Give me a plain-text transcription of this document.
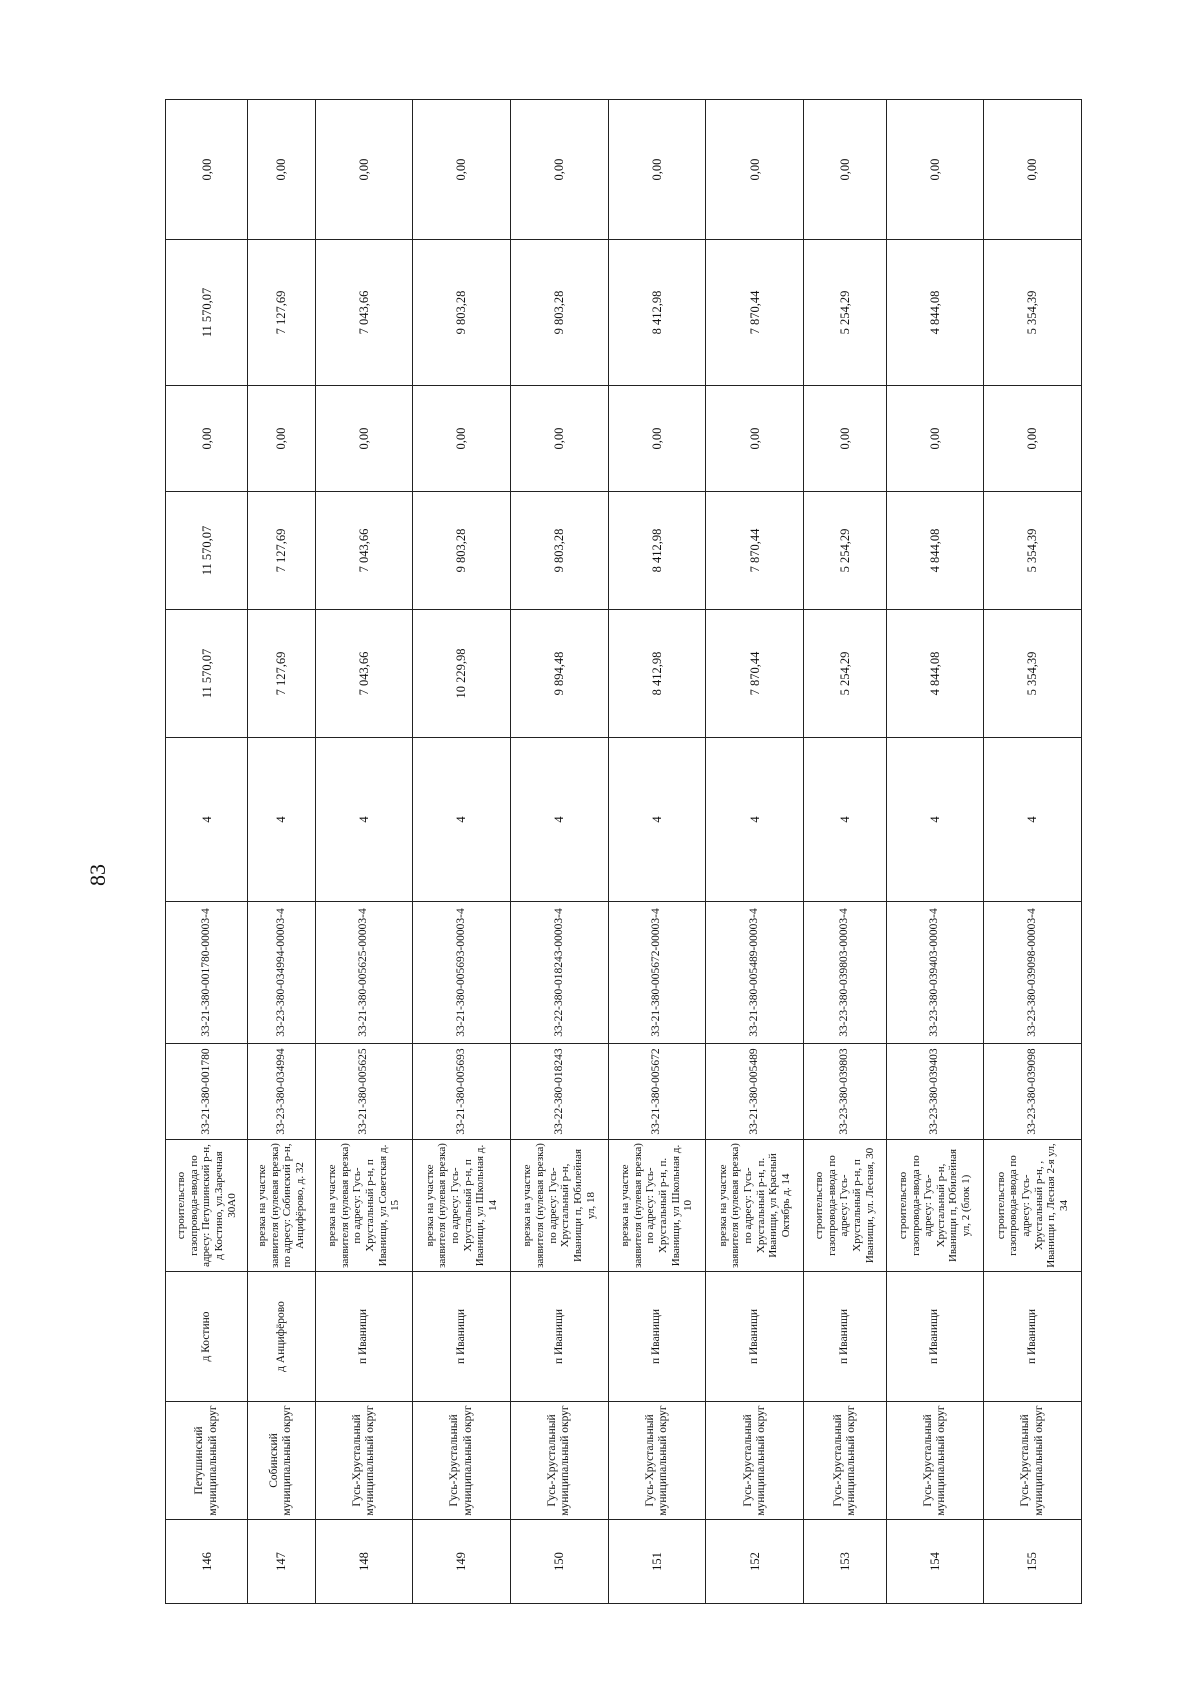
83
146	Петушинский муниципальный округ	д Костино	строительство газопровода-ввода по адресу: Петушинский р-н, д Костино, ул.Заречная 30А0	33-21-380-001780	33-21-380-001780-00003-4	4	11 570,07	11 570,07	0,00	11 570,07	0,00	
147	Собинский муниципальный округ	д Анцифёрово	врезка на участке заявителя (нулевая врезка) по адресу: Собинский р-н, Анцифёрово, д. 32	33-23-380-034994	33-23-380-034994-00003-4	4	7 127,69	7 127,69	0,00	7 127,69	0,00	
148	Гусь-Хрустальный муниципальный округ	п Иванищи	врезка на участке заявителя (нулевая врезка) по адресу: Гусь-Хрустальный р-н, п Иванищи, ул Советская д. 15	33-21-380-005625	33-21-380-005625-00003-4	4	7 043,66	7 043,66	0,00	7 043,66	0,00	
149	Гусь-Хрустальный муниципальный округ	п Иванищи	врезка на участке заявителя (нулевая врезка) по адресу: Гусь-Хрустальный р-н, п Иванищи, ул Школьная д. 14	33-21-380-005693	33-21-380-005693-00003-4	4	10 229,98	9 803,28	0,00	9 803,28	0,00	
150	Гусь-Хрустальный муниципальный округ	п Иванищи	врезка на участке заявителя (нулевая врезка) по адресу: Гусь-Хрустальный р-н, Иванищи п, Юбилейная ул, 18	33-22-380-018243	33-22-380-018243-00003-4	4	9 894,48	9 803,28	0,00	9 803,28	0,00	
151	Гусь-Хрустальный муниципальный округ	п Иванищи	врезка на участке заявителя (нулевая врезка) по адресу: Гусь-Хрустальный р-н, п. Иванищи, ул Школьная д. 10	33-21-380-005672	33-21-380-005672-00003-4	4	8 412,98	8 412,98	0,00	8 412,98	0,00	
152	Гусь-Хрустальный муниципальный округ	п Иванищи	врезка на участке заявителя (нулевая врезка) по адресу: Гусь-Хрустальный р-н, п. Иванищи, ул Красный Октябрь д. 14	33-21-380-005489	33-21-380-005489-00003-4	4	7 870,44	7 870,44	0,00	7 870,44	0,00	
153	Гусь-Хрустальный муниципальный округ	п Иванищи	строительство газопровода-ввода по адресу: Гусь-Хрустальный р-н, п Иванищи, ул. Лесная, 30	33-23-380-039803	33-23-380-039803-00003-4	4	5 254,29	5 254,29	0,00	5 254,29	0,00	
154	Гусь-Хрустальный муниципальный округ	п Иванищи	строительство газопровода-ввода по адресу: Гусь-Хрустальный р-н, Иванищи п, Юбилейная ул, 2 (блок 1)	33-23-380-039403	33-23-380-039403-00003-4	4	4 844,08	4 844,08	0,00	4 844,08	0,00	
155	Гусь-Хрустальный муниципальный округ	п Иванищи	строительство газопровода-ввода по адресу: Гусь-Хрустальный р-н, , Иванищи п, Лесная 2-я ул, 34	33-23-380-039098	33-23-380-039098-00003-4	4	5 354,39	5 354,39	0,00	5 354,39	0,00	
